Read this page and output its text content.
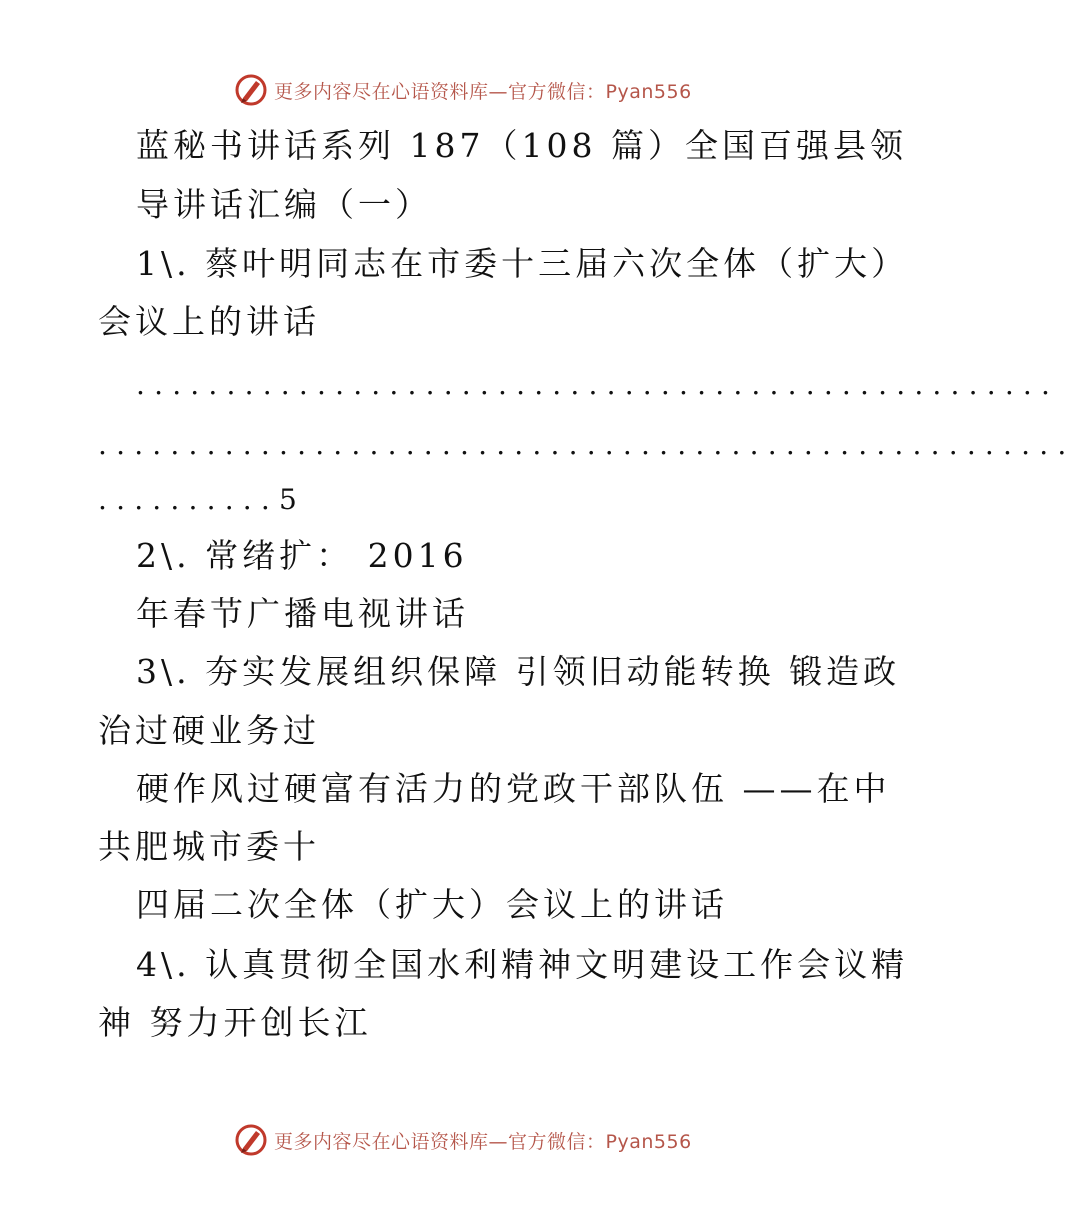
更多内容尽在心语资料库—官方微信：Pyan556
蓝秘书讲话系列 187（108 篇）全国百强县领
导讲话汇编（一）
1\. 蔡叶明同志在市委十三届六次全体（扩大）
会议上的讲话
...................................................
......................................................
..........5
2\. 常绪扩： 2016
年春节广播电视讲话
3\. 夯实发展组织保障 引领旧动能转换 锻造政
治过硬业务过
硬作风过硬富有活力的党政干部队伍 ——在中
共肥城市委十
四届二次全体（扩大）会议上的讲话
4\. 认真贯彻全国水利精神文明建设工作会议精
神 努力开创长江
更多内容尽在心语资料库—官方微信：Pyan556
